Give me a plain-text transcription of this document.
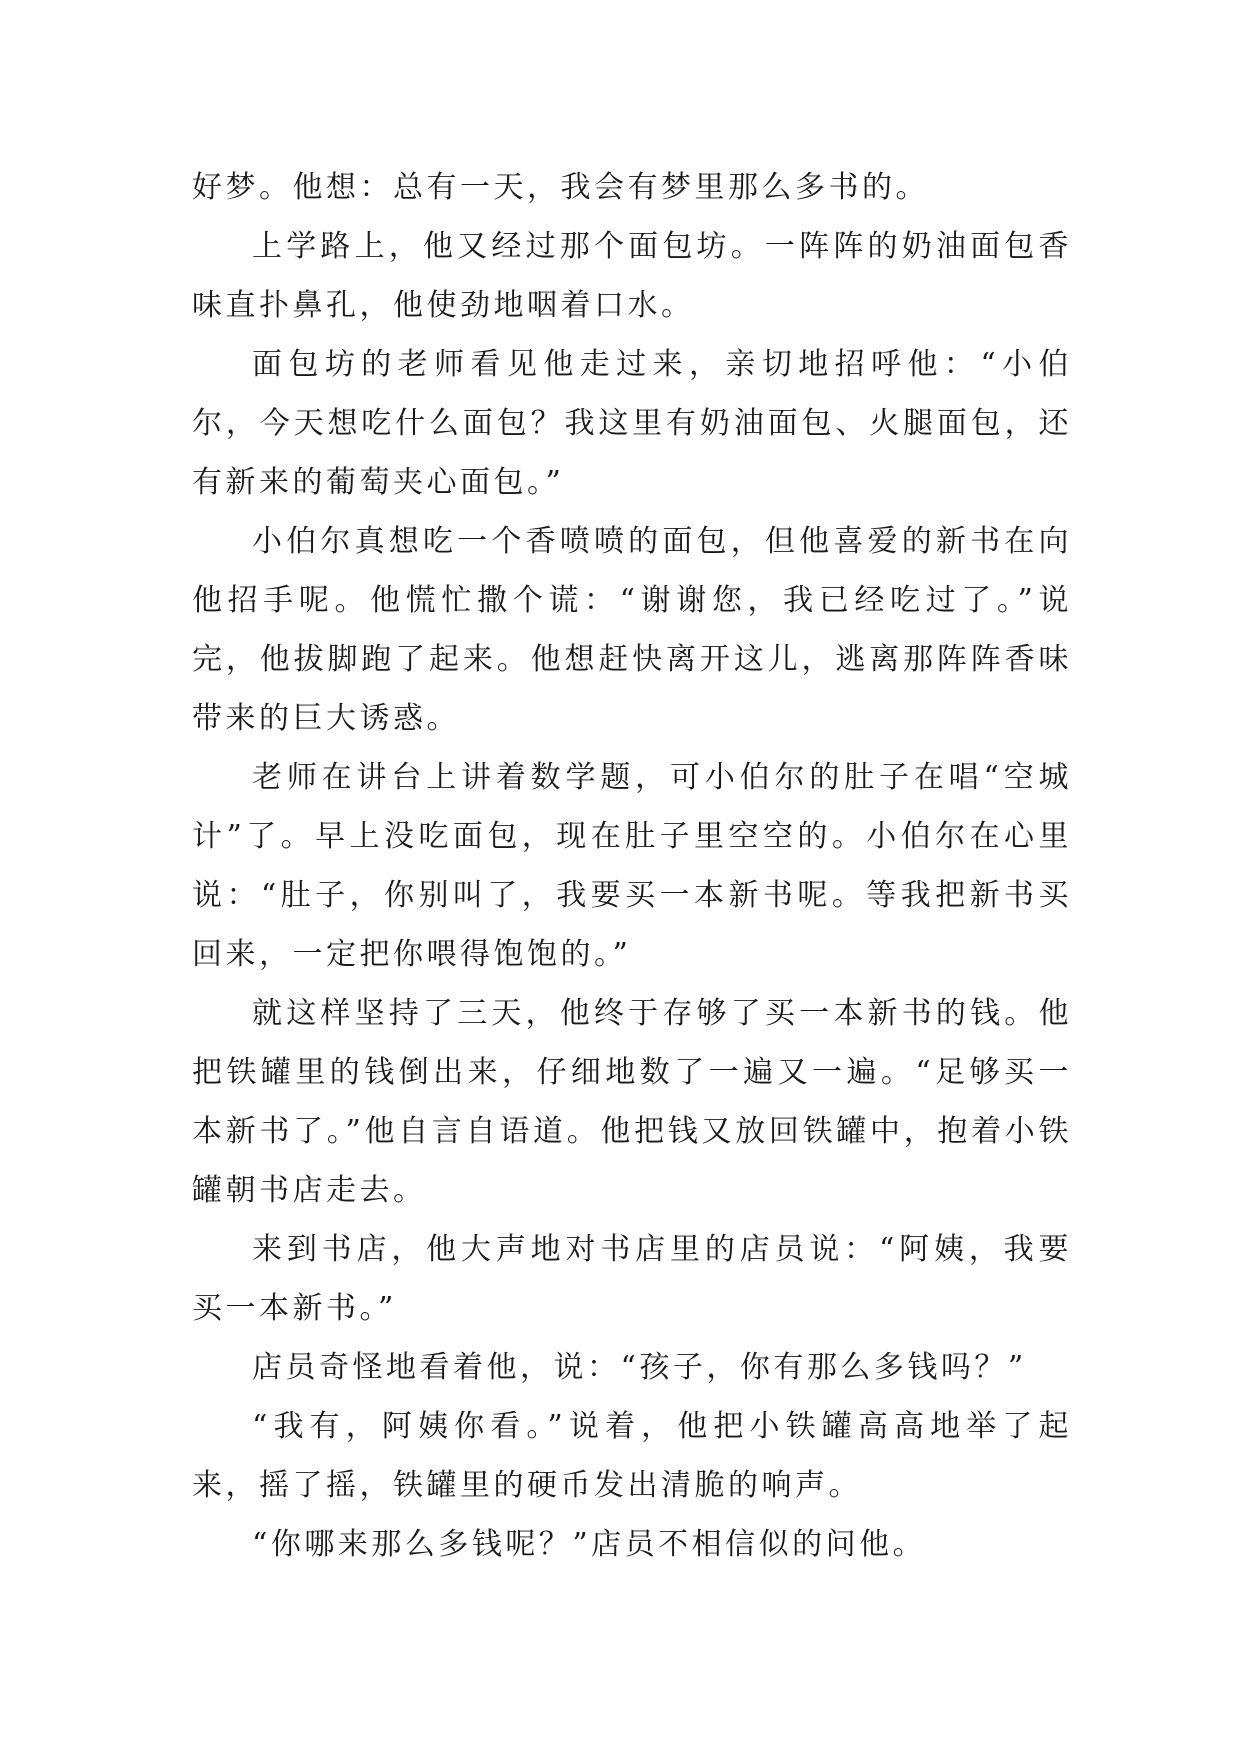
好梦。他想：总有一天，我会有梦里那么多书的。

上学路上，他又经过那个面包坊。一阵阵的奶油面包香味直扑鼻孔，他使劲地咽着口水。

面包坊的老师看见他走过来，亲切地招呼他：“小伯尔，今天想吃什么面包？我这里有奶油面包、火腿面包，还有新来的葡萄夹心面包。”

小伯尔真想吃一个香喷喷的面包，但他喜爱的新书在向他招手呢。他慌忙撒个谎：“谢谢您，我已经吃过了。”说完，他拔脚跑了起来。他想赶快离开这儿，逃离那阵阵香味带来的巨大诱惑。

老师在讲台上讲着数学题，可小伯尔的肚子在唱“空城计”了。早上没吃面包，现在肚子里空空的。小伯尔在心里说：“肚子，你别叫了，我要买一本新书呢。等我把新书买回来，一定把你喂得饱饱的。”

就这样坚持了三天，他终于存够了买一本新书的钱。他把铁罐里的钱倒出来，仔细地数了一遍又一遍。“足够买一本新书了。”他自言自语道。他把钱又放回铁罐中，抱着小铁罐朝书店走去。

来到书店，他大声地对书店里的店员说：“阿姨，我要买一本新书。”

店员奇怪地看着他，说：“孩子，你有那么多钱吗？”

“我有，阿姨你看。”说着，他把小铁罐高高地举了起来，摇了摇，铁罐里的硬币发出清脆的响声。

“你哪来那么多钱呢？”店员不相信似的问他。
